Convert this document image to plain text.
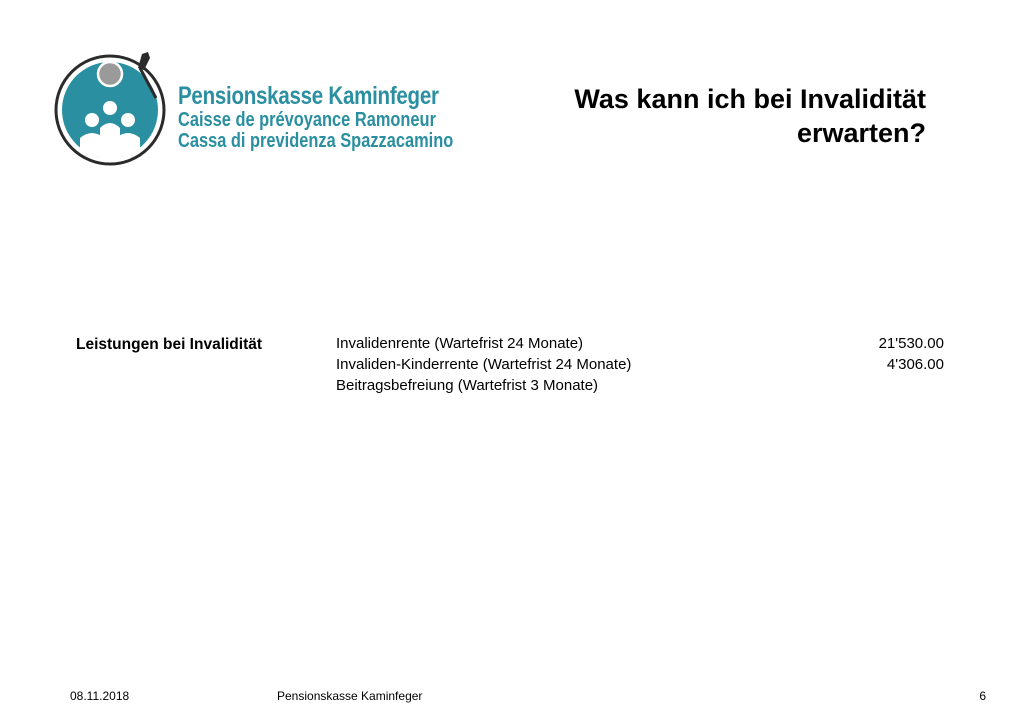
Pensionskasse Kaminfeger
Caisse de prévoyance Ramoneur
Cassa di previdenza Spazzacamino
Was kann ich bei Invalidität
erwarten?
Leistungen bei Invalidität	Invalidenrente (Wartefrist 24 Monate)	21'530.00
Invaliden-Kinderrente (Wartefrist 24 Monate)	4'306.00
Beitragsbefreiung (Wartefrist 3 Monate)
08.11.2018	Pensionskasse Kaminfeger	6
